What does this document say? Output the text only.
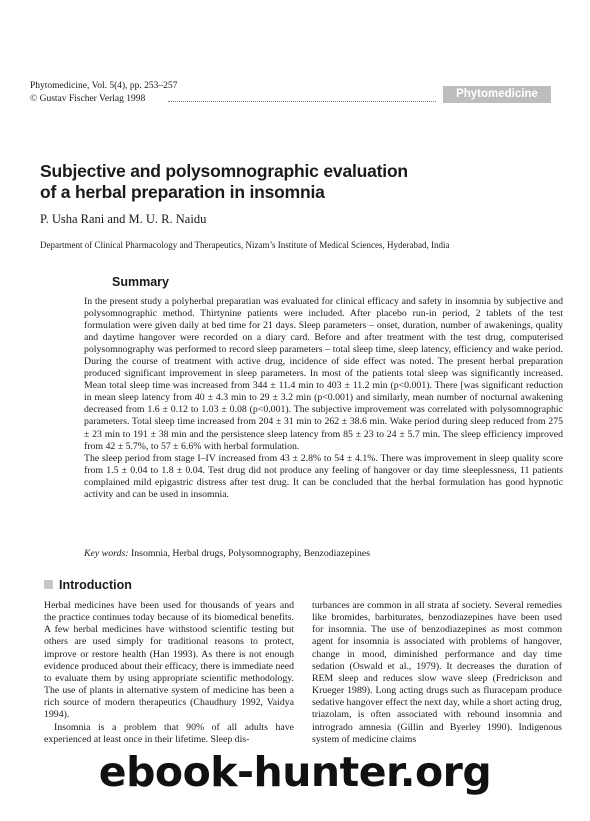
Phytomedicine, Vol. 5(4), pp. 253–257
© Gustav Fischer Verlag 1998	Phytomedicine
Subjective and polysomnographic evaluation
of a herbal preparation in insomnia
P. Usha Rani and M. U. R. Naidu
Department of Clinical Pharmacology and Therapeutics, Nizam’s Institute of Medical Sciences, Hyderabad, India
Summary

In the present study a polyherbal preparatian was evaluated for clinical efficacy and safety in insomnia by subjective and polysomnographic method. Thirtynine patients were included. After placebo run-in period, 2 tablets of the test formulation were given daily at bed time for 21 days. Sleep parameters – onset, duration, number of awakenings, quality and daytime hangover were recorded on a diary card. Before and after treatment with the test drug, computerised polysomnography was performed to record sleep parameters – total sleep time, sleep latency, efficiency and wake period. During the course of treatment with active drug, incidence of side effect was noted. The present herbal preparation produced significant improvement in sleep parameters. In most of the patients total sleep was significantly increased. Mean total sleep time was increased from 344 ± 11.4 min to 403 ± 11.2 min (p<0.001). There [was significant reduction in mean sleep latency from 40 ± 4.3 min to 29 ± 3.2 min (p<0.001) and similarly, mean number of nocturnal awakening decreased from 1.6 ± 0.12 to 1.03 ± 0.08 (p<0.001). The subjective improvement was correlated with polysomnographic parameters. Total sleep time increased from 204 ± 31 min to 262 ± 38.6 min. Wake period during sleep reduced from 275 ± 23 min to 191 ± 38 min and the persistence sleep latency from 85 ± 23 to 24 ± 5.7 min. The sleep efficiency improved from 42 ± 5.7%, to 57 ± 6.6% with herbal formulation.

The sleep period from stage I–IV increased from 43 ± 2.8% to 54 ± 4.1%. There was improvement in sleep quality score from 1.5 ± 0.04 to 1.8 ± 0.04. Test drug did not produce any feeling of hangover or day time sleeplessness, 11 patients complained mild epigastric distress after test drug. It can be concluded that the herbal formulation has good hypnotic activity and can be used in insomnia.

Key words: Insomnia, Herbal drugs, Polysomnography, Benzodiazepines
Introduction

Herbal medicines have been used for thousands of years and the practice continues today because of its biomedical benefits. A few herbal medicines have withstood scientific testing but others are used simply for traditional reasons to protect, improve or restore health (Han 1993). As there is not enough evidence produced about their efficacy, there is immediate need to evaluate them by using appropriate scientific methodology. The use of plants in alternative system of medicine has been a rich source of modern therapeutics (Chaudhury 1992, Vaidya 1994).

Insomnia is a problem that 90% of all adults have experienced at least once in their lifetime. Sleep dis-

turbances are common in all strata af society. Several remedies like bromides, barbiturates, benzodiazepines have been used for insomnia. The use of benzodiazepines as most common agent for insomnia is associated with problems of hangover, change in mood, diminished performance and day time sedation (Oswald et al., 1979). It decreases the duration of REM sleep and reduces slow wave sleep (Fredrickson and Krueger 1989). Long acting drugs such as fluracepam produce sedative hangover effect the next day, while a short acting drug, triazolam, is often associated with rebound insomnia and introgrado amnesia (Gillin and Byerley 1990). Indigenous system of medicine claims

ebook-hunter.org
